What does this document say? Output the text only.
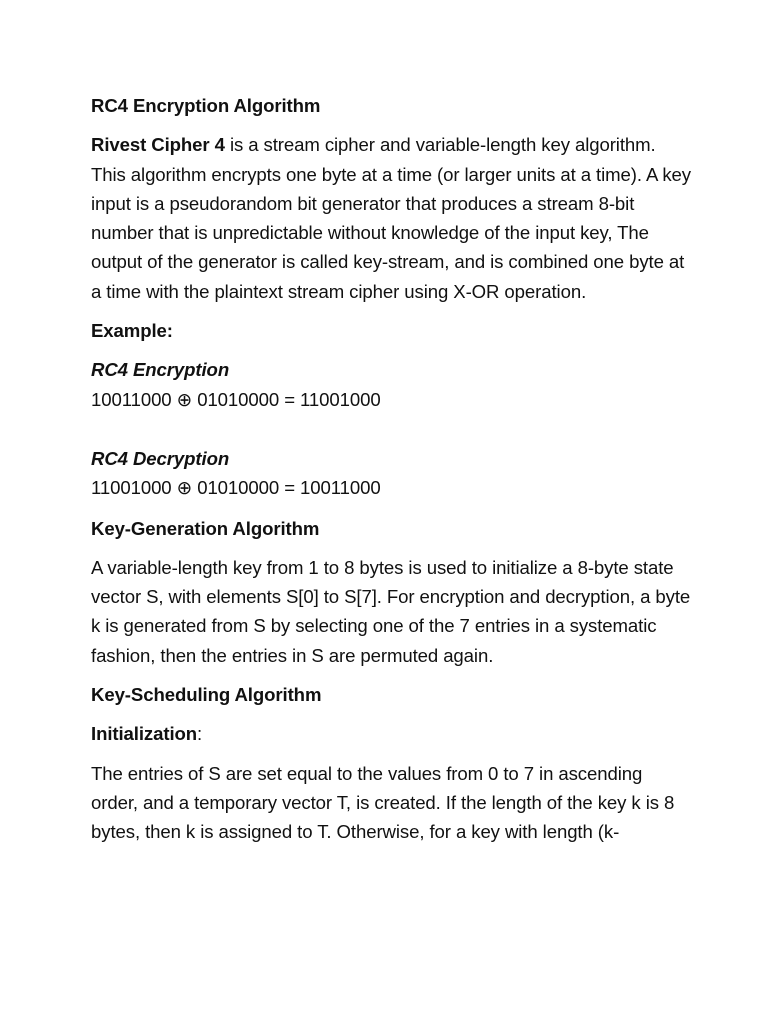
RC4 Encryption Algorithm

Rivest Cipher 4 is a stream cipher and variable-length key algorithm. This algorithm encrypts one byte at a time (or larger units at a time). A key input is a pseudorandom bit generator that produces a stream 8-bit number that is unpredictable without knowledge of the input key, The output of the generator is called key-stream, and is combined one byte at a time with the plaintext stream cipher using X-OR operation.

Example:

RC4 Encryption
10011000 ⊕ 01010000 = 11001000
RC4 Decryption
11001000 ⊕ 01010000 = 10011000

Key-Generation Algorithm

A variable-length key from 1 to 8 bytes is used to initialize a 8-byte state vector S, with elements S[0] to S[7]. For encryption and decryption, a byte k is generated from S by selecting one of the 7 entries in a systematic fashion, then the entries in S are permuted again.

Key-Scheduling Algorithm

Initialization:

The entries of S are set equal to the values from 0 to 7 in ascending order, and a temporary vector T, is created. If the length of the key k is 8 bytes, then k is assigned to T. Otherwise, for a key with length (k-
